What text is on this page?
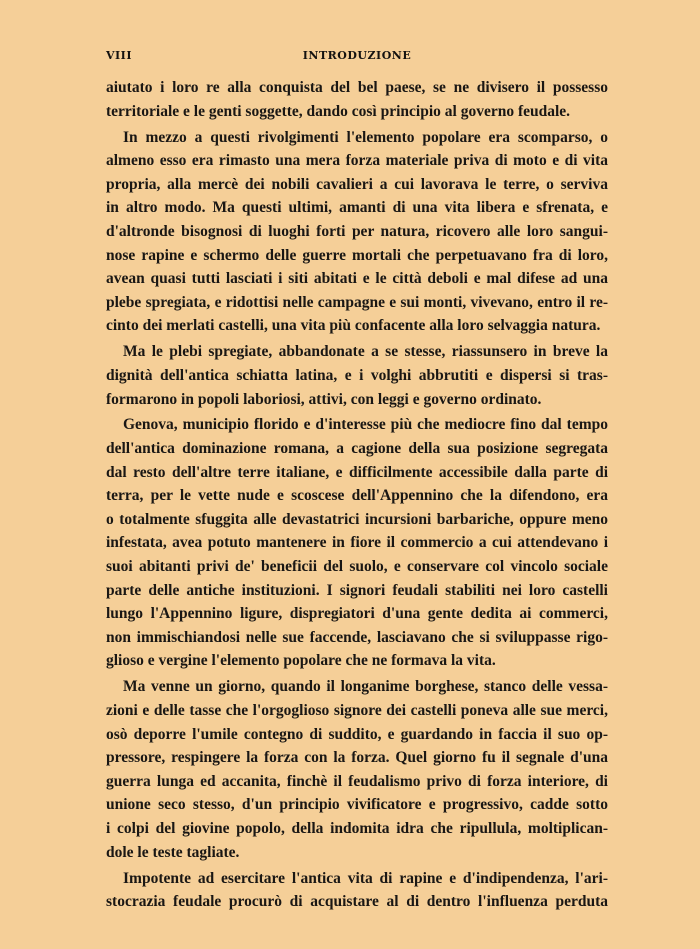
VIII	INTRODUZIONE
aiutato i loro re alla conquista del bel paese, se ne divisero il possesso
territoriale e le genti soggette, dando così principio al governo feudale.
In mezzo a questi rivolgimenti l'elemento popolare era scomparso, o
almeno esso era rimasto una mera forza materiale priva di moto e di vita
propria, alla mercè dei nobili cavalieri a cui lavorava le terre, o serviva
in altro modo. Ma questi ultimi, amanti di una vita libera e sfrenata, e
d'altronde bisognosi di luoghi forti per natura, ricovero alle loro sangui-
nose rapine e schermo delle guerre mortali che perpetuavano fra di loro,
avean quasi tutti lasciati i siti abitati e le città deboli e mal difese ad una
plebe spregiata, e ridottisi nelle campagne e sui monti, vivevano, entro il re-
cinto dei merlati castelli, una vita più confacente alla loro selvaggia natura.
Ma le plebi spregiate, abbandonate a se stesse, riassunsero in breve la
dignità dell'antica schiatta latina, e i volghi abbrutiti e dispersi si tras-
formarono in popoli laboriosi, attivi, con leggi e governo ordinato.
Genova, municipio florido e d'interesse più che mediocre fino dal tempo
dell'antica dominazione romana, a cagione della sua posizione segregata
dal resto dell'altre terre italiane, e difficilmente accessibile dalla parte di
terra, per le vette nude e scoscese dell'Appennino che la difendono, era
o totalmente sfuggita alle devastatrici incursioni barbariche, oppure meno
infestata, avea potuto mantenere in fiore il commercio a cui attendevano i
suoi abitanti privi de' beneficii del suolo, e conservare col vincolo sociale
parte delle antiche instituzioni. I signori feudali stabiliti nei loro castelli
lungo l'Appennino ligure, dispregiatori d'una gente dedita ai commerci,
non immischiandosi nelle sue faccende, lasciavano che si sviluppasse rigo-
glioso e vergine l'elemento popolare che ne formava la vita.
Ma venne un giorno, quando il longanime borghese, stanco delle vessa-
zioni e delle tasse che l'orgoglioso signore dei castelli poneva alle sue merci,
osò deporre l'umile contegno di suddito, e guardando in faccia il suo op-
pressore, respingere la forza con la forza. Quel giorno fu il segnale d'una
guerra lunga ed accanita, finchè il feudalismo privo di forza interiore, di
unione seco stesso, d'un principio vivificatore e progressivo, cadde sotto
i colpi del giovine popolo, della indomita idra che ripullula, moltiplican-
dole le teste tagliate.
Impotente ad esercitare l'antica vita di rapine e d'indipendenza, l'ari-
stocrazia feudale procurò di acquistare al di dentro l'influenza perduta
